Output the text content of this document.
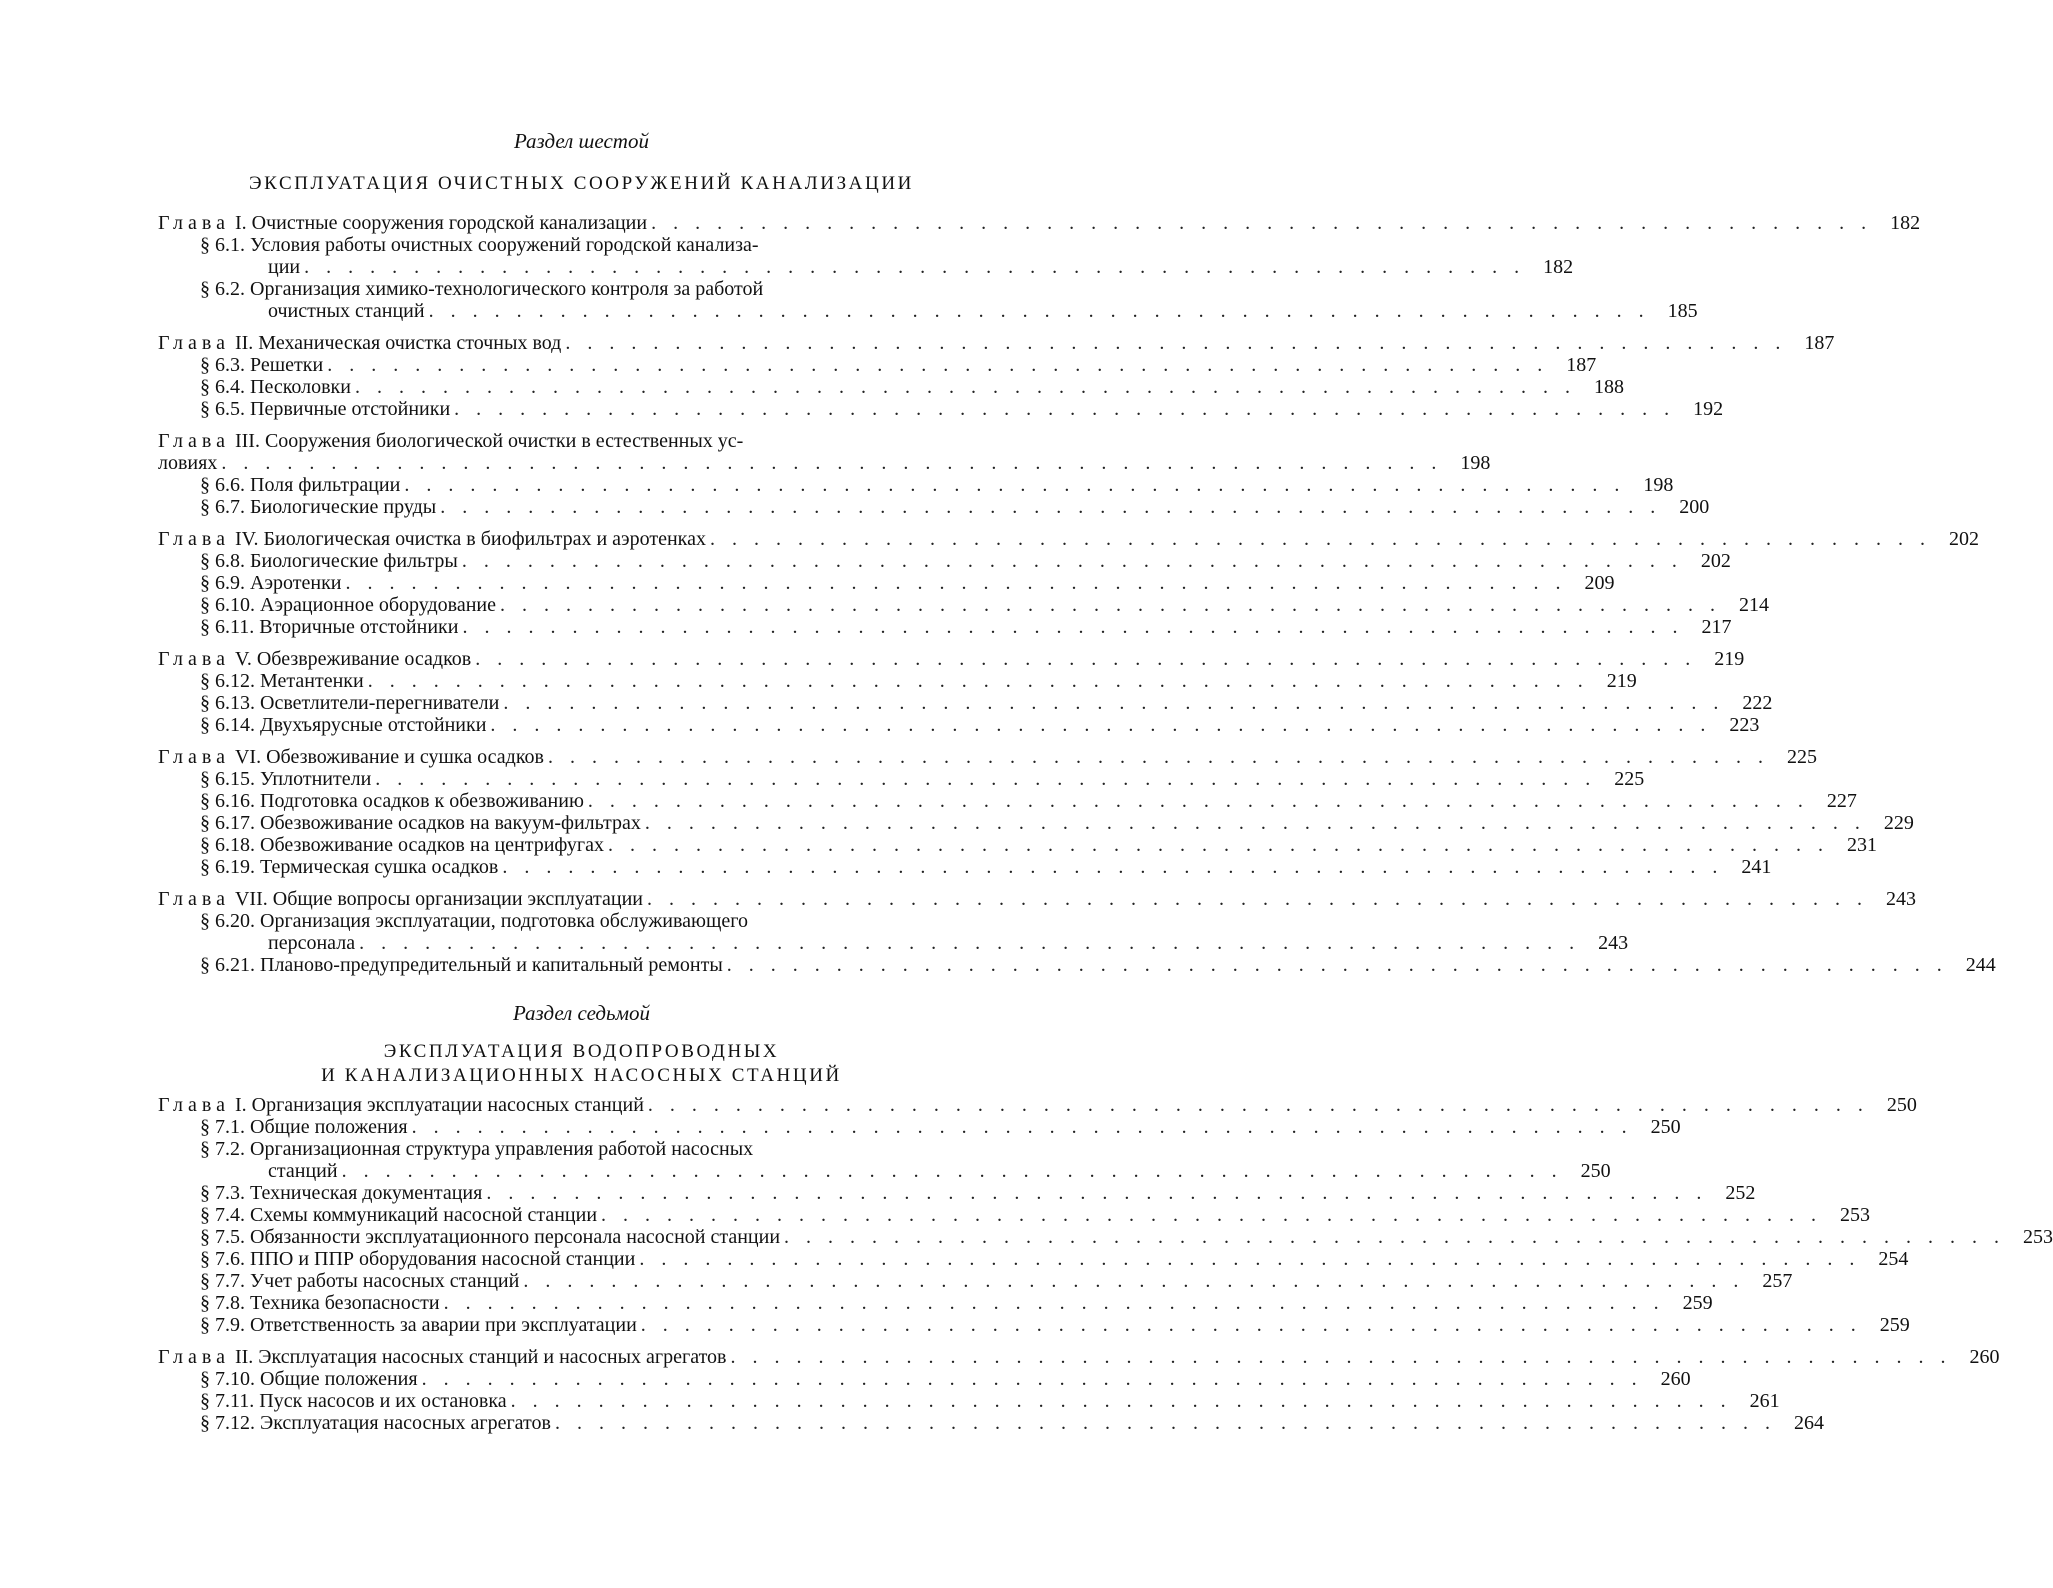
Раздел шестой

ЭКСПЛУАТАЦИЯ ОЧИСТНЫХ СООРУЖЕНИЙ КАНАЛИЗАЦИИ

Глава I. Очистные сооружения городской канализации . . . . . . . . . . . . . . . . . . . . . . . . . . . . . . . . . . . . . . . . . . . . . . . . . . . . . . . . 182
§ 6.1. Условия работы очистных сооружений городской канализа-
ции . . . . . . . . . . . . . . . . . . . . . . . . . . . . . . . . . . . . . . . . . . . . . . . . . . . . . . . . 182
§ 6.2. Организация химико-технологического контроля за работой
очистных станций . . . . . . . . . . . . . . . . . . . . . . . . . . . . . . . . . . . . . . . . . . . . . . . . . . . . . . . . 185
Глава II. Механическая очистка сточных вод . . . . . . . . . . . . . . . . . . . . . . . . . . . . . . . . . . . . . . . . . . . . . . . . . . . . . . . . 187
§ 6.3. Решетки . . . . . . . . . . . . . . . . . . . . . . . . . . . . . . . . . . . . . . . . . . . . . . . . . . . . . . . . 187
§ 6.4. Песколовки . . . . . . . . . . . . . . . . . . . . . . . . . . . . . . . . . . . . . . . . . . . . . . . . . . . . . . . . 188
§ 6.5. Первичные отстойники . . . . . . . . . . . . . . . . . . . . . . . . . . . . . . . . . . . . . . . . . . . . . . . . . . . . . . . . 192
Глава III. Сооружения биологической очистки в естественных ус-
ловиях . . . . . . . . . . . . . . . . . . . . . . . . . . . . . . . . . . . . . . . . . . . . . . . . . . . . . . . . 198
§ 6.6. Поля фильтрации . . . . . . . . . . . . . . . . . . . . . . . . . . . . . . . . . . . . . . . . . . . . . . . . . . . . . . . . 198
§ 6.7. Биологические пруды . . . . . . . . . . . . . . . . . . . . . . . . . . . . . . . . . . . . . . . . . . . . . . . . . . . . . . . . 200
Глава IV. Биологическая очистка в биофильтрах и аэротенках . . . . . . . . . . . . . . . . . . . . . . . . . . . . . . . . . . . . . . . . . . . . . . . . . . . . . . . . 202
§ 6.8. Биологические фильтры . . . . . . . . . . . . . . . . . . . . . . . . . . . . . . . . . . . . . . . . . . . . . . . . . . . . . . . . 202
§ 6.9. Аэротенки . . . . . . . . . . . . . . . . . . . . . . . . . . . . . . . . . . . . . . . . . . . . . . . . . . . . . . . . 209
§ 6.10. Аэрационное оборудование . . . . . . . . . . . . . . . . . . . . . . . . . . . . . . . . . . . . . . . . . . . . . . . . . . . . . . . . 214
§ 6.11. Вторичные отстойники . . . . . . . . . . . . . . . . . . . . . . . . . . . . . . . . . . . . . . . . . . . . . . . . . . . . . . . . 217
Глава V. Обезвреживание осадков . . . . . . . . . . . . . . . . . . . . . . . . . . . . . . . . . . . . . . . . . . . . . . . . . . . . . . . . 219
§ 6.12. Метантенки . . . . . . . . . . . . . . . . . . . . . . . . . . . . . . . . . . . . . . . . . . . . . . . . . . . . . . . . 219
§ 6.13. Осветлители-перегниватели . . . . . . . . . . . . . . . . . . . . . . . . . . . . . . . . . . . . . . . . . . . . . . . . . . . . . . . . 222
§ 6.14. Двухъярусные отстойники . . . . . . . . . . . . . . . . . . . . . . . . . . . . . . . . . . . . . . . . . . . . . . . . . . . . . . . . 223
Глава VI. Обезвоживание и сушка осадков . . . . . . . . . . . . . . . . . . . . . . . . . . . . . . . . . . . . . . . . . . . . . . . . . . . . . . . . 225
§ 6.15. Уплотнители . . . . . . . . . . . . . . . . . . . . . . . . . . . . . . . . . . . . . . . . . . . . . . . . . . . . . . . . 225
§ 6.16. Подготовка осадков к обезвоживанию . . . . . . . . . . . . . . . . . . . . . . . . . . . . . . . . . . . . . . . . . . . . . . . . . . . . . . . . 227
§ 6.17. Обезвоживание осадков на вакуум-фильтрах . . . . . . . . . . . . . . . . . . . . . . . . . . . . . . . . . . . . . . . . . . . . . . . . . . . . . . . . 229
§ 6.18. Обезвоживание осадков на центрифугах . . . . . . . . . . . . . . . . . . . . . . . . . . . . . . . . . . . . . . . . . . . . . . . . . . . . . . . . 231
§ 6.19. Термическая сушка осадков . . . . . . . . . . . . . . . . . . . . . . . . . . . . . . . . . . . . . . . . . . . . . . . . . . . . . . . . 241
Глава VII. Общие вопросы организации эксплуатации . . . . . . . . . . . . . . . . . . . . . . . . . . . . . . . . . . . . . . . . . . . . . . . . . . . . . . . . 243
§ 6.20. Организация эксплуатации, подготовка обслуживающего
персонала . . . . . . . . . . . . . . . . . . . . . . . . . . . . . . . . . . . . . . . . . . . . . . . . . . . . . . . . 243
§ 6.21. Планово-предупредительный и капитальный ремонты . . . . . . . . . . . . . . . . . . . . . . . . . . . . . . . . . . . . . . . . . . . . . . . . . . . . . . . . 244

Раздел седьмой

ЭКСПЛУАТАЦИЯ ВОДОПРОВОДНЫХ

И КАНАЛИЗАЦИОННЫХ НАСОСНЫХ СТАНЦИЙ

Глава I. Организация эксплуатации насосных станций . . . . . . . . . . . . . . . . . . . . . . . . . . . . . . . . . . . . . . . . . . . . . . . . . . . . . . . . 250
§ 7.1. Общие положения . . . . . . . . . . . . . . . . . . . . . . . . . . . . . . . . . . . . . . . . . . . . . . . . . . . . . . . . 250
§ 7.2. Организационная структура управления работой насосных
станций . . . . . . . . . . . . . . . . . . . . . . . . . . . . . . . . . . . . . . . . . . . . . . . . . . . . . . . . 250
§ 7.3. Техническая документация . . . . . . . . . . . . . . . . . . . . . . . . . . . . . . . . . . . . . . . . . . . . . . . . . . . . . . . . 252
§ 7.4. Схемы коммуникаций насосной станции . . . . . . . . . . . . . . . . . . . . . . . . . . . . . . . . . . . . . . . . . . . . . . . . . . . . . . . . 253
§ 7.5. Обязанности эксплуатационного персонала насосной станции . . . . . . . . . . . . . . . . . . . . . . . . . . . . . . . . . . . . . . . . . . . . . . . . . . . . . . . . 253
§ 7.6. ППО и ППР оборудования насосной станции . . . . . . . . . . . . . . . . . . . . . . . . . . . . . . . . . . . . . . . . . . . . . . . . . . . . . . . . 254
§ 7.7. Учет работы насосных станций . . . . . . . . . . . . . . . . . . . . . . . . . . . . . . . . . . . . . . . . . . . . . . . . . . . . . . . . 257
§ 7.8. Техника безопасности . . . . . . . . . . . . . . . . . . . . . . . . . . . . . . . . . . . . . . . . . . . . . . . . . . . . . . . . 259
§ 7.9. Ответственность за аварии при эксплуатации . . . . . . . . . . . . . . . . . . . . . . . . . . . . . . . . . . . . . . . . . . . . . . . . . . . . . . . . 259
Глава II. Эксплуатация насосных станций и насосных агрегатов . . . . . . . . . . . . . . . . . . . . . . . . . . . . . . . . . . . . . . . . . . . . . . . . . . . . . . . . 260
§ 7.10. Общие положения . . . . . . . . . . . . . . . . . . . . . . . . . . . . . . . . . . . . . . . . . . . . . . . . . . . . . . . . 260
§ 7.11. Пуск насосов и их остановка . . . . . . . . . . . . . . . . . . . . . . . . . . . . . . . . . . . . . . . . . . . . . . . . . . . . . . . . 261
§ 7.12. Эксплуатация насосных агрегатов . . . . . . . . . . . . . . . . . . . . . . . . . . . . . . . . . . . . . . . . . . . . . . . . . . . . . . . . 264
